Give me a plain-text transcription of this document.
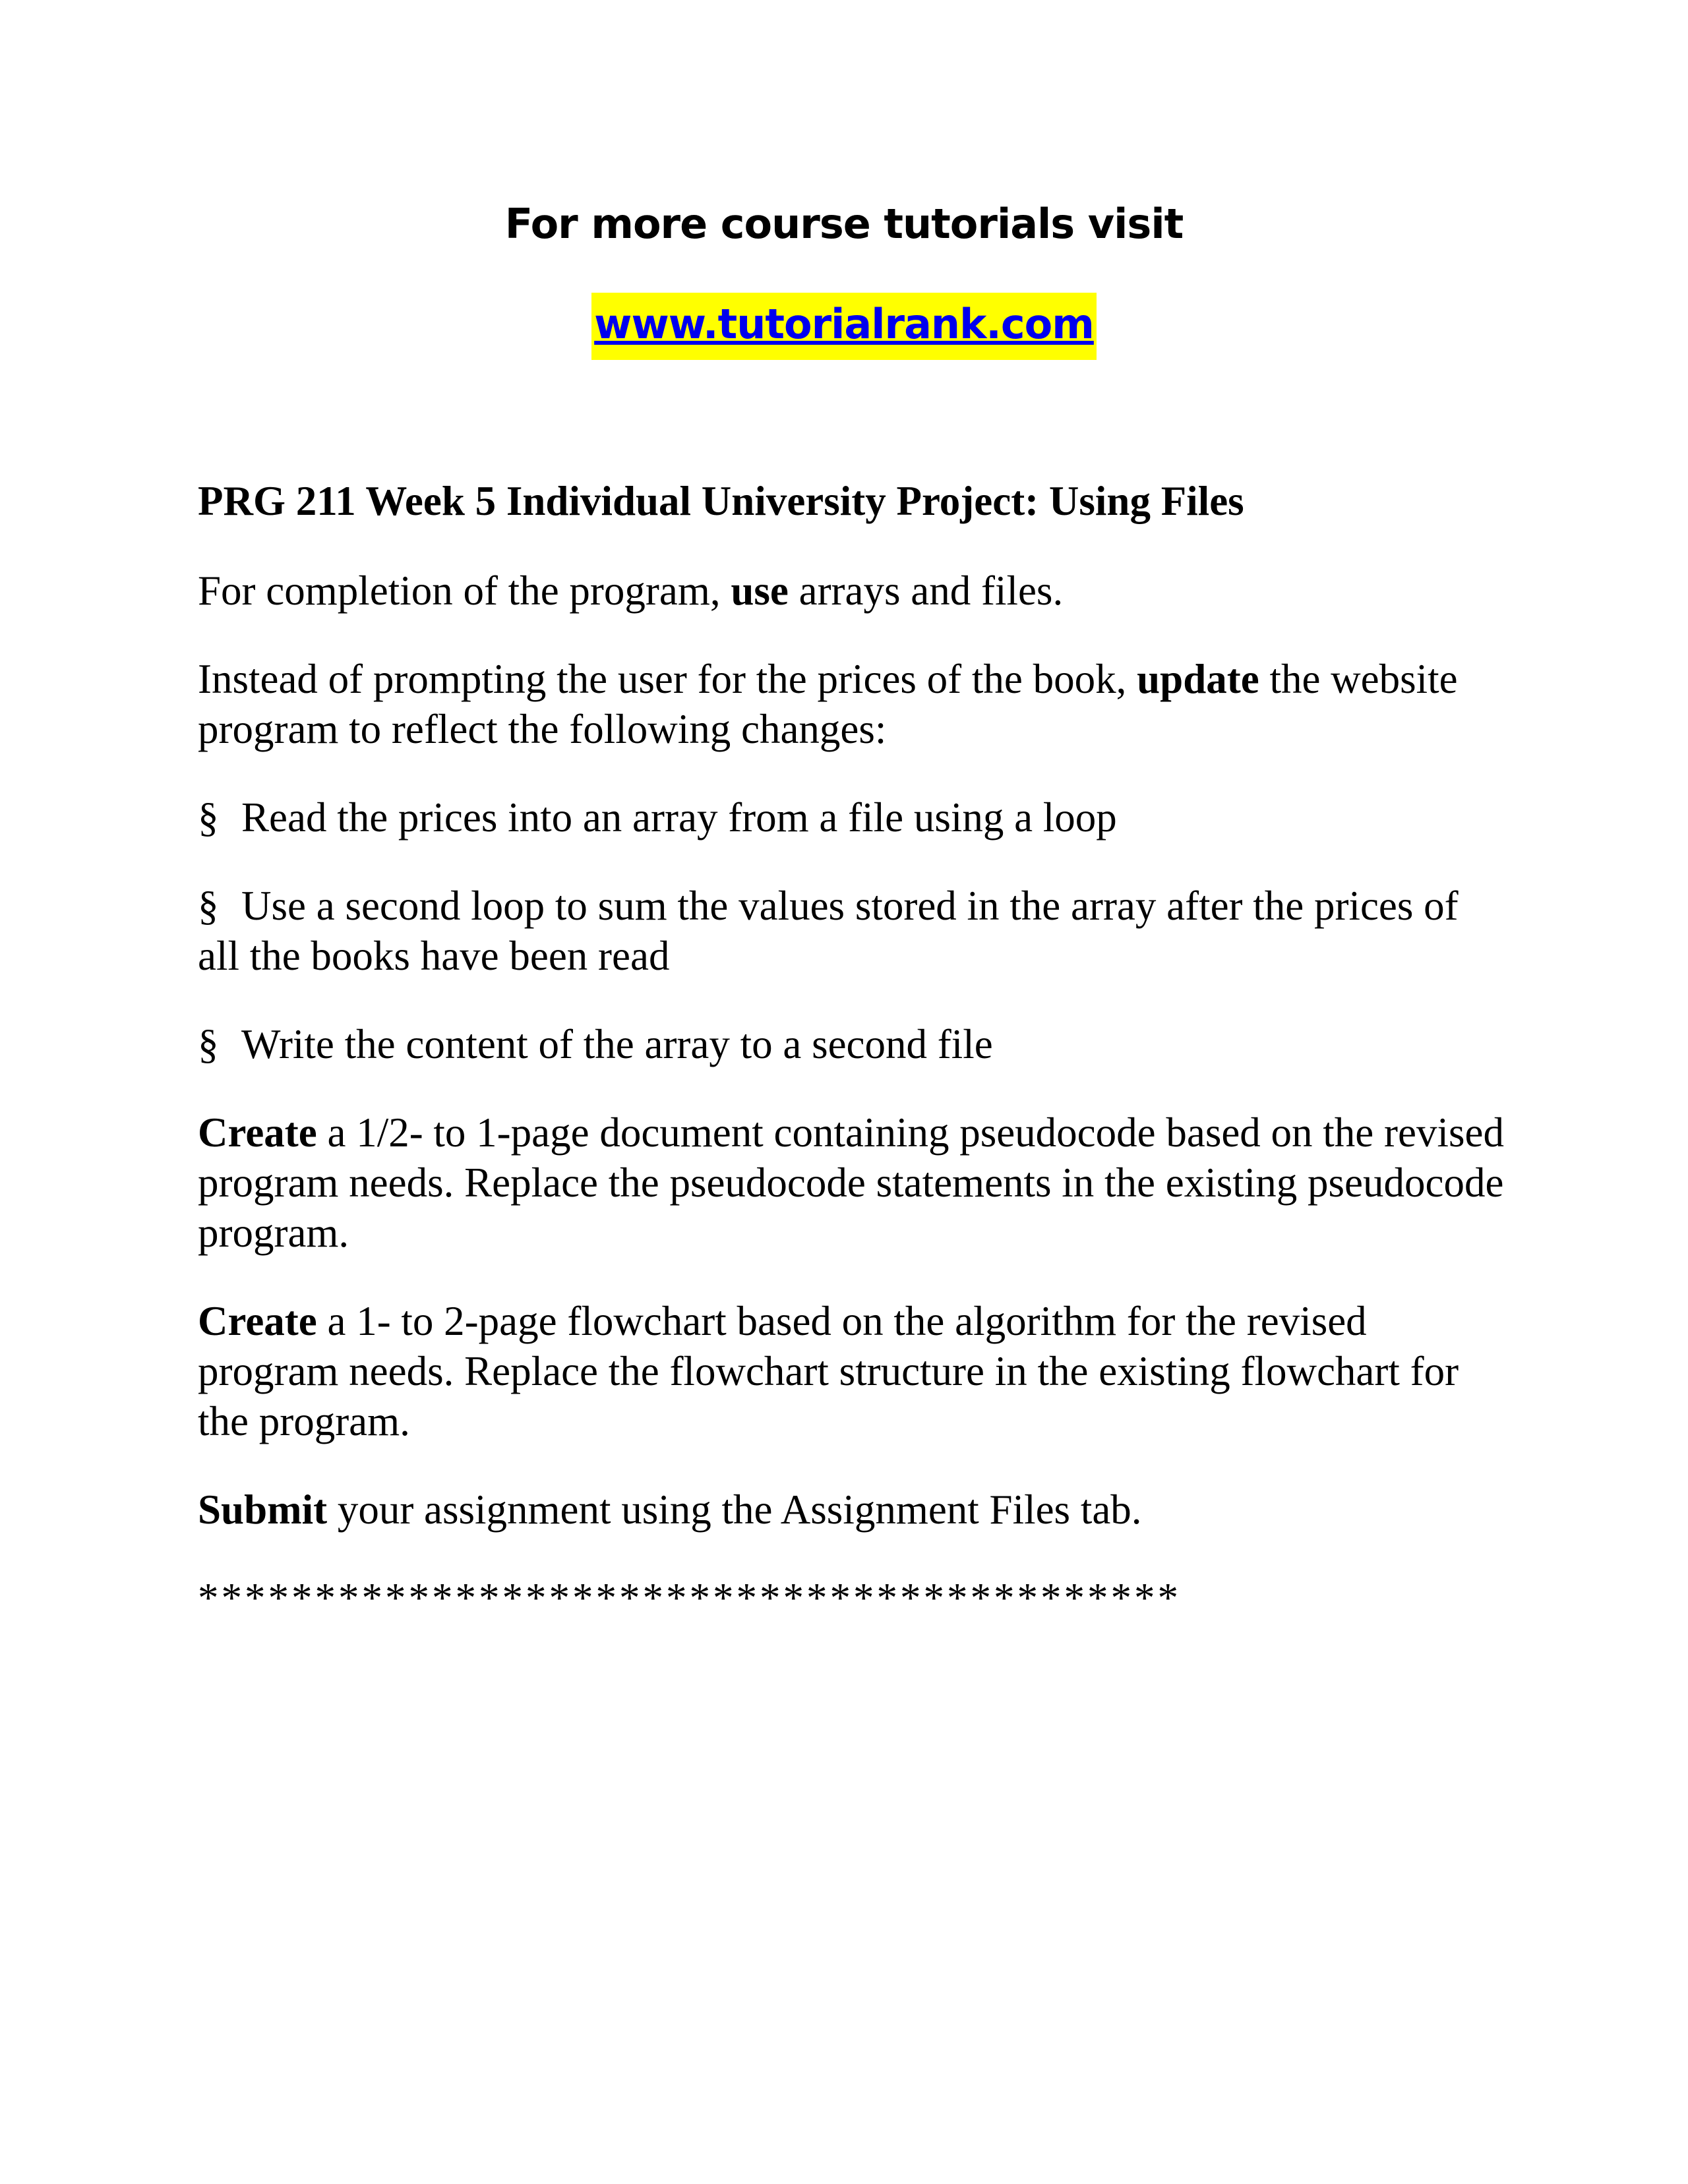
For more course tutorials visit

www.tutorialrank.com

PRG 211 Week 5 Individual University Project: Using Files

For completion of the program, use arrays and files.

Instead of prompting the user for the prices of the book, update the website program to reflect the following changes:

§ Read the prices into an array from a file using a loop

§ Use a second loop to sum the values stored in the array after the prices of all the books have been read

§ Write the content of the array to a second file

Create a 1/2- to 1-page document containing pseudocode based on the revised program needs. Replace the pseudocode statements in the existing pseudocode program.

Create a 1- to 2-page flowchart based on the algorithm for the revised program needs. Replace the flowchart structure in the existing flowchart for the program.

Submit your assignment using the Assignment Files tab.

******************************************
